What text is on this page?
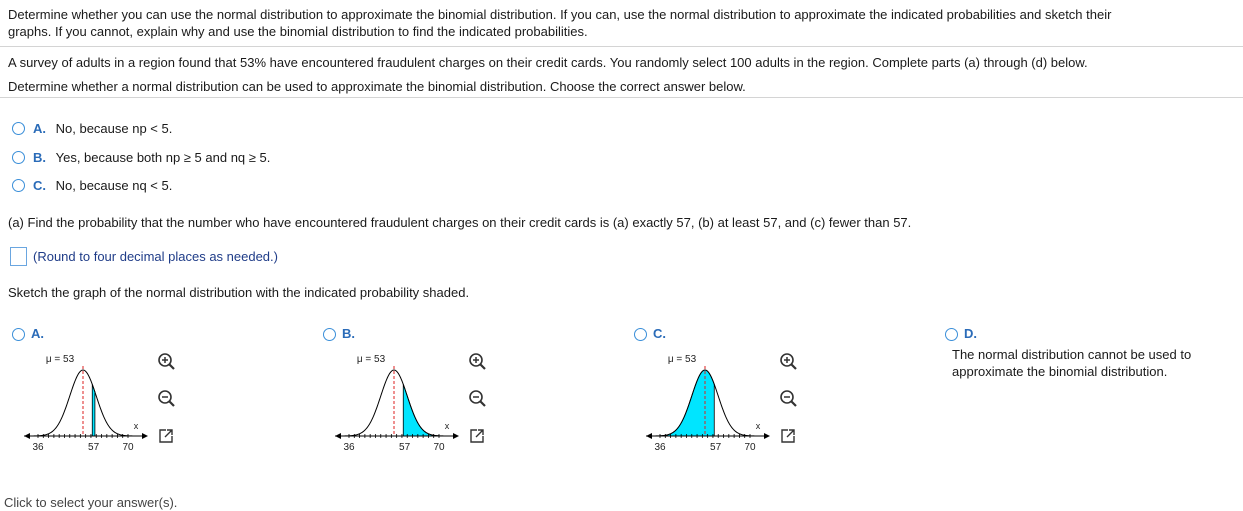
Determine whether you can use the normal distribution to approximate the binomial distribution. If you can, use the normal distribution to approximate the indicated probabilities and sketch their
graphs. If you cannot, explain why and use the binomial distribution to find the indicated probabilities.
A survey of adults in a region found that 53% have encountered fraudulent charges on their credit cards. You randomly select 100 adults in the region. Complete parts (a) through (d) below.
Determine whether a normal distribution can be used to approximate the binomial distribution. Choose the correct answer below.
A. No, because np < 5.
B. Yes, because both np ≥ 5 and nq ≥ 5.
C. No, because nq < 5.
(a) Find the probability that the number who have encountered fraudulent charges on their credit cards is (a) exactly 57, (b) at least 57, and (c) fewer than 57.
(Round to four decimal places as needed.)
Sketch the graph of the normal distribution with the indicated probability shaded.
A.	B.	C.	D.
The normal distribution cannot be used to
approximate the binomial distribution.
μ = 53
x
36	57 70
μ = 53
x
36	57 70
μ = 53
x
36	57 70
Click to select your answer(s).
